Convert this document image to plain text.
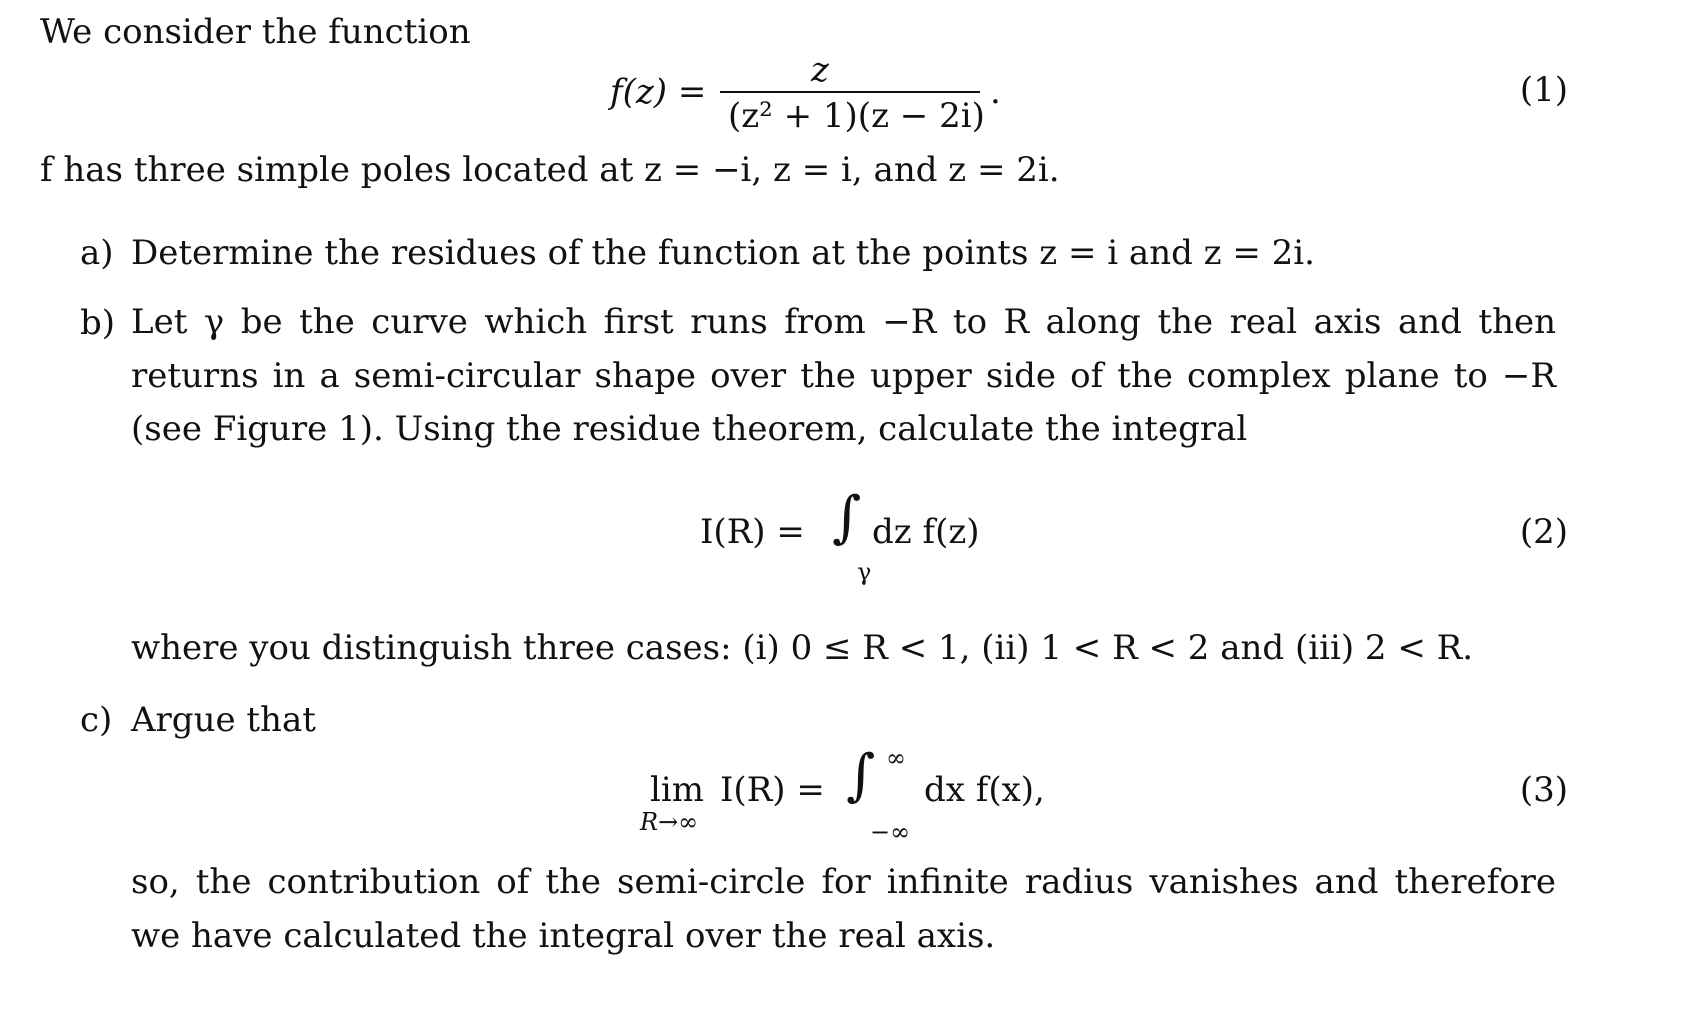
We consider the function
f(z) =
z
(z² + 1)(z − 2i)
.	(1)
f has three simple poles located at z = −i, z = i, and z = 2i.
a) Determine the residues of the function at the points z = i and z = 2i.
b) Let γ be the curve which first runs from −R to R along the real axis and then returns in a semi-circular shape over the upper side of the complex plane to −R (see Figure 1). Using the residue theorem, calculate the integral
I(R) = ∫
γ
dz f(z)	(2)
where you distinguish three cases: (i) 0 ≤ R < 1, (ii) 1 < R < 2 and (iii) 2 < R.
c) Argue that
lim
R→∞
I(R) = ∫ ∞
−∞
dx f(x),	(3)
so, the contribution of the semi-circle for infinite radius vanishes and therefore we have calculated the integral over the real axis.
